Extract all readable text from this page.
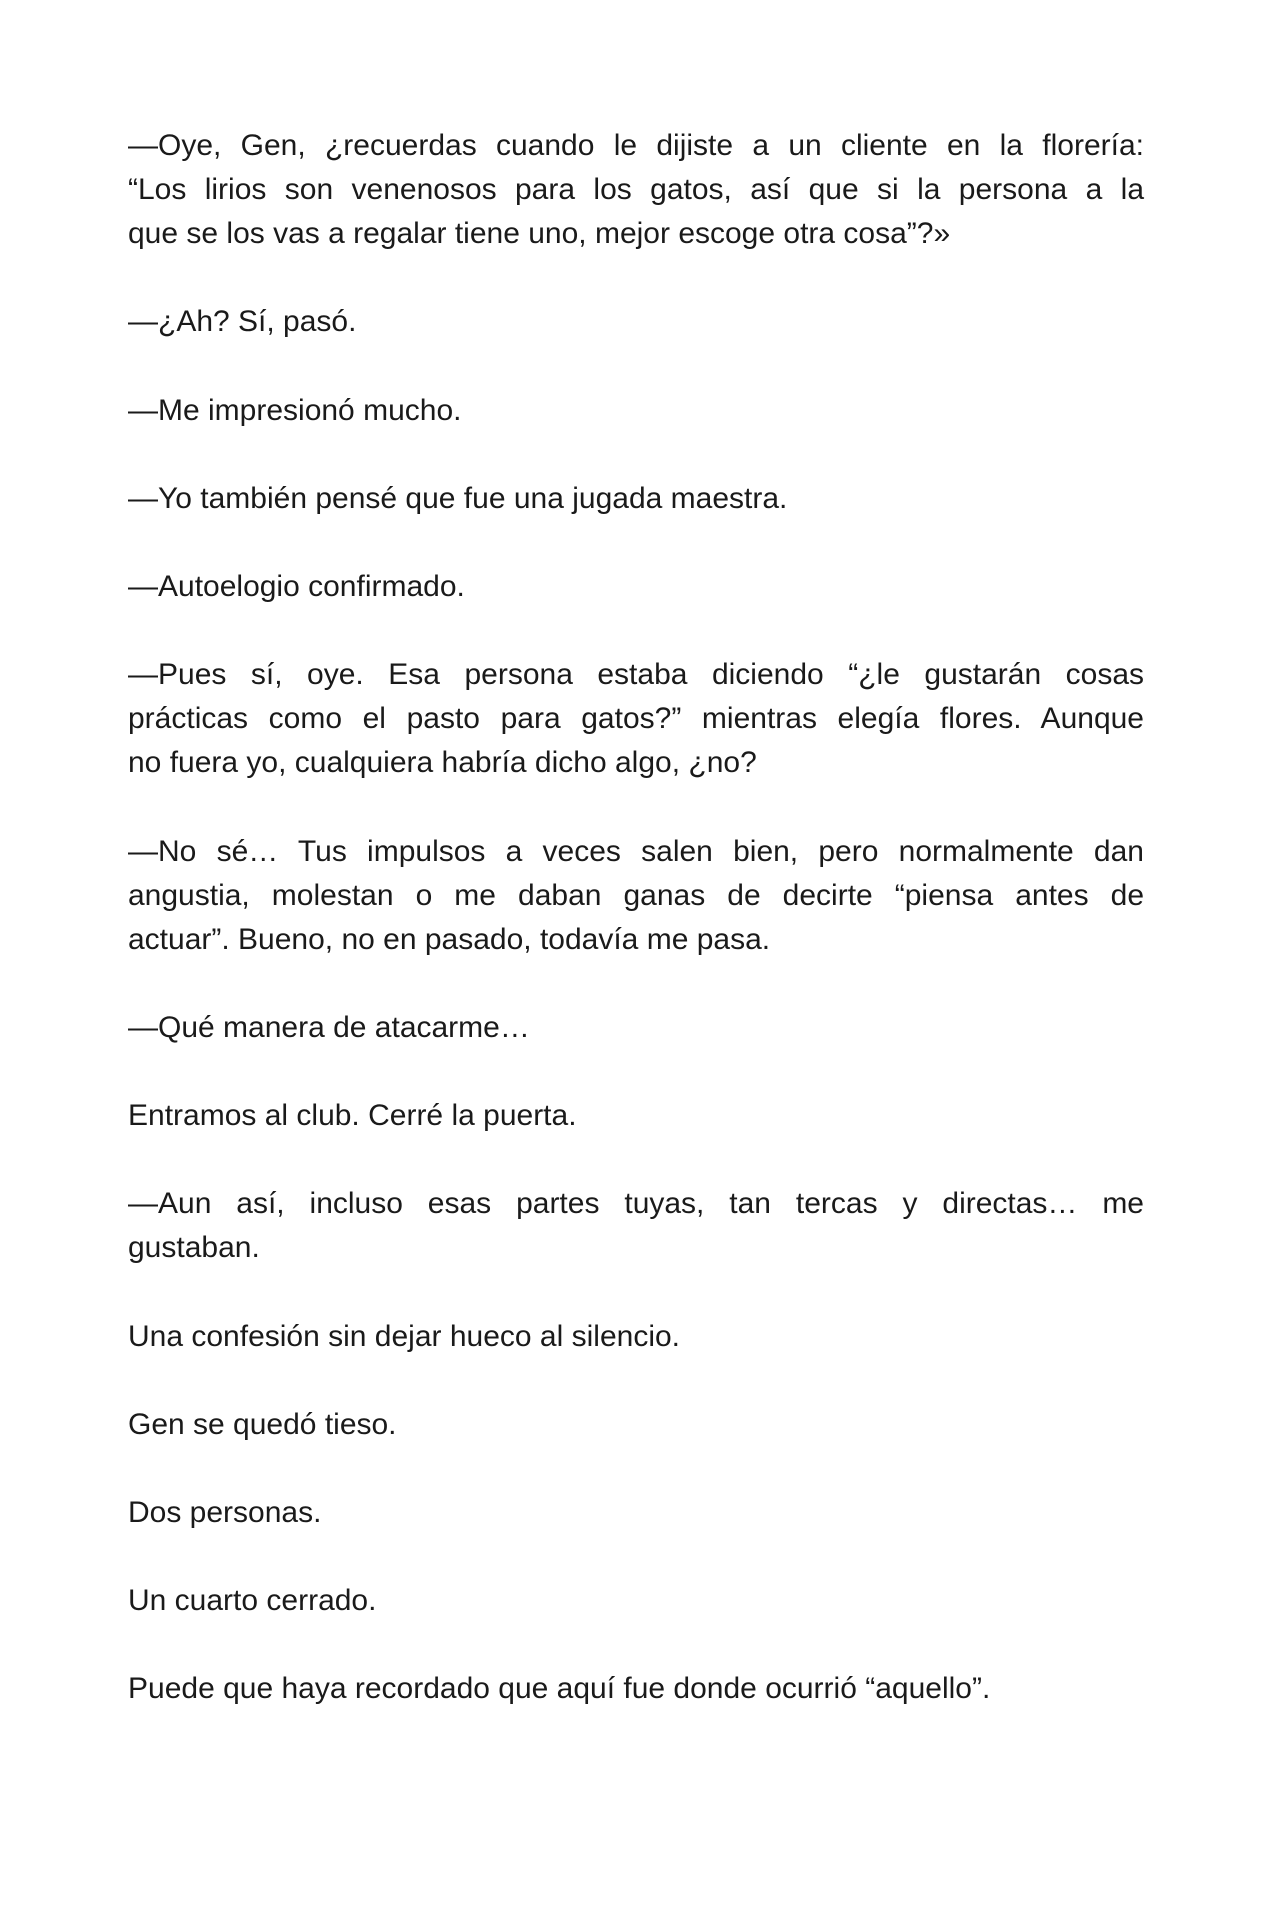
—Oye, Gen, ¿recuerdas cuando le dijiste a un cliente en la florería:
“Los lirios son venenosos para los gatos, así que si la persona a la
que se los vas a regalar tiene uno, mejor escoge otra cosa”?»
—¿Ah? Sí, pasó.
—Me impresionó mucho.
—Yo también pensé que fue una jugada maestra.
—Autoelogio confirmado.
—Pues sí, oye. Esa persona estaba diciendo “¿le gustarán cosas
prácticas como el pasto para gatos?” mientras elegía flores. Aunque
no fuera yo, cualquiera habría dicho algo, ¿no?
—No sé… Tus impulsos a veces salen bien, pero normalmente dan
angustia, molestan o me daban ganas de decirte “piensa antes de
actuar”. Bueno, no en pasado, todavía me pasa.
—Qué manera de atacarme…
Entramos al club. Cerré la puerta.
—Aun así, incluso esas partes tuyas, tan tercas y directas… me
gustaban.
Una confesión sin dejar hueco al silencio.
Gen se quedó tieso.
Dos personas.
Un cuarto cerrado.
Puede que haya recordado que aquí fue donde ocurrió “aquello”.
